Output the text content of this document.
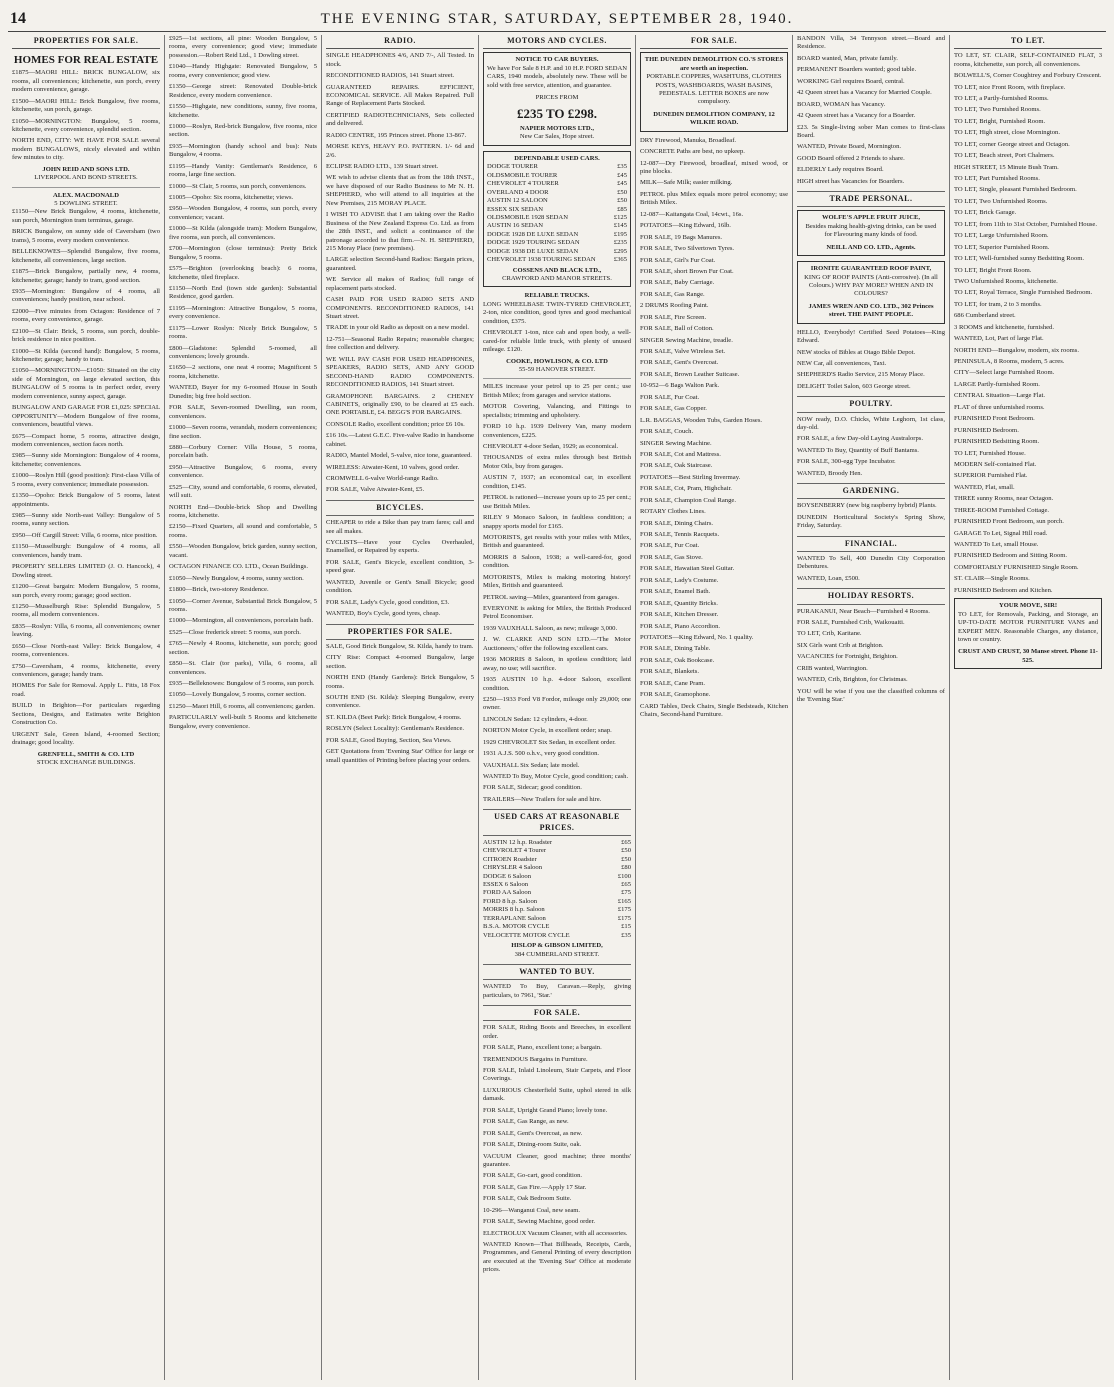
14	THE EVENING STAR, SATURDAY, SEPTEMBER 28, 1940.
PROPERTIES FOR SALE.
HOMES FOR REAL ESTATE
£1875—MAORI HILL: BRICK BUNGALOW, six rooms, all conveniences; kitchenette, sun porch, every modern convenience, garage.
£1500—MAORI HILL: Brick Bungalow, five rooms, kitchenette, sun porch, garage.
£1050—MORNINGTON: Bungalow, 5 rooms, kitchenette, every convenience, splendid section.
NORTH END, CITY: WE HAVE FOR SALE several modern BUNGALOWS, nicely elevated and within few minutes to city.
JOHN REID AND SONS LTD.
LIVERPOOL AND BOND STREETS.
ALEX. MACDONALD
5 DOWLING STREET.
£1150—New Brick Bungalow, 4 rooms, kitchenette, sun porch, Mornington tram terminus, garage.
BRICK Bungalow, on sunny side of Caversham (two trams), 5 rooms, every modern convenience.
BELLEKNOWES—Splendid Bungalow, five rooms, kitchenette, all conveniences, large section.
£1875—Brick Bungalow, partially new, 4 rooms, kitchenette; garage; handy to tram, good section.
£935—Mornington: Bungalow of 4 rooms, all conveniences; handy position, near school.
£2000—Five minutes from Octagon: Residence of 7 rooms, every convenience, garage.
£2100—St Clair: Brick, 5 rooms, sun porch, double-brick residence in nice position.
£1000—St Kilda (second hand): Bungalow, 5 rooms, kitchenette; garage; handy to tram.
£1050—MORNINGTON—£1050: Situated on the city side of Mornington, on large elevated section, this BUNGALOW of 5 rooms is in perfect order, every modern convenience, sunny aspect, garage.
BUNGALOW AND GARAGE FOR £1,025: SPECIAL OPPORTUNITY—Modern Bungalow of five rooms, conveniences, beautiful views.
£675—Compact home, 5 rooms, attractive design, modern conveniences, section faces north.
£985—Sunny side Mornington: Bungalow of 4 rooms, kitchenette; conveniences.
£1000—Roslyn Hill (good position): First-class Villa of 5 rooms, every convenience; immediate possession.
£1350—Opoho: Brick Bungalow of 5 rooms, latest appointments.
£985—Sunny side North-east Valley: Bungalow of 5 rooms, sunny section.
£950—Off Cargill Street: Villa, 6 rooms, nice position.
£1150—Musselburgh: Bungalow of 4 rooms, all conveniences, handy tram.
PROPERTY SELLERS LIMITED (J. O. Hancock), 4 Dowling street.
£1200—Great bargain: Modern Bungalow, 5 rooms, sun porch, every room; garage; good section.
£1250—Musselburgh Rise: Splendid Bungalow, 5 rooms, all modern conveniences.
£835—Roslyn: Villa, 6 rooms, all conveniences; owner leaving.
£650—Close North-east Valley: Brick Bungalow, 4 rooms, conveniences.
£750—Caversham, 4 rooms, kitchenette, every conveniences, garage; handy tram.
HOMES For Sale for Removal. Apply L. Fitts, 18 Fox road.
BUILD in Brighton—For particulars regarding Sections, Designs, and Estimates write Brighton Construction Co.
URGENT Sale, Green Island, 4-roomed Section; drainage; good locality.
GRENFELL, SMITH & CO. LTD
STOCK EXCHANGE BUILDINGS.
£925—1st sections, all pine: Wooden Bungalow, 5 rooms, every convenience; good view; immediate possession.—Robert Reid Ltd., 1 Dowling street.
£1040—Handy Highgate: Renovated Bungalow, 5 rooms, every convenience; good view.
£1350—George street: Renovated Double-brick Residence, every modern convenience.
£1550—Highgate, new conditions, sunny, five rooms, kitchenette.
£1000—Roslyn, Red-brick Bungalow, five rooms, nice section.
£935—Mornington (handy school and bus): Nuts Bungalow, 4 rooms.
£1195—Handy Vanity: Gentleman's Residence, 6 rooms, large fine section.
£1000—St Clair, 5 rooms, sun porch, conveniences.
£1005—Opoho: Six rooms, kitchenette; views.
£950—Wooden Bungalow, 4 rooms, sun porch, every convenience; vacant.
£1000—St Kilda (alongside tram): Modern Bungalow, five rooms, sun porch, all conveniences.
£700—Mornington (close terminus): Pretty Brick Bungalow, 5 rooms.
£575—Brighton (overlooking beach): 6 rooms, kitchenette, tiled fireplace.
£1150—North End (town side garden): Substantial Residence, good garden.
£1195—Mornington: Attractive Bungalow, 5 rooms, every convenience.
£1175—Lower Roslyn: Nicely Brick Bungalow, 5 rooms.
£800—Gladstone: Splendid 5-roomed, all conveniences; lovely grounds.
£1650—2 sections, one neat 4 rooms; Magnificent 5 rooms, kitchenette.
WANTED, Buyer for my 6-roomed House in South Dunedin; big free hold section.
FOR SALE, Seven-roomed Dwelling, sun room, conveniences.
£1000—Seven rooms, verandah, modern conveniences; fine section.
£880—Corbury Corner: Villa House, 5 rooms, porcelain bath.
£950—Attractive Bungalow, 6 rooms, every convenience.
£525—City, sound and comfortable, 6 rooms, elevated, will suit.
NORTH End—Double-brick Shop and Dwelling rooms, kitchenette.
£2150—Fixed Quarters, all sound and comfortable, 5 rooms.
£550—Wooden Bungalow, brick garden, sunny section, vacant.
OCTAGON FINANCE CO. LTD., Ocean Buildings.
£1050—Newly Bungalow, 4 rooms, sunny section.
£1800—Brick, two-storey Residence.
£1050—Corner Avenue, Substantial Brick Bungalow, 5 rooms.
£1000—Mornington, all conveniences, porcelain bath.
£525—Close frederick street: 5 rooms, sun porch.
£765—Newly 4 Rooms, kitchenette, sun porch; good section.
£850—St. Clair (tor parks), Villa, 6 rooms, all conveniences.
£935—Belleknowes: Bungalow of 5 rooms, sun porch.
£1050—Lovely Bungalow, 5 rooms, corner section.
£1250—Maori Hill, 6 rooms, all conveniences; garden.
PARTICULARLY well-built 5 Rooms and kitchenette Bungalow, every convenience.
RADIO.
SINGLE HEADPHONES 4/6, AND 7/-, All Tested. In stock.
RECONDITIONED RADIOS, 141 Stuart street.
GUARANTEED REPAIRS. EFFICIENT, ECONOMICAL SERVICE. All Makes Repaired. Full Range of Replacement Parts Stocked.
CERTIFIED RADIOTECHNICIANS, Sets collected and delivered.
RADIO CENTRE, 195 Princes street. Phone 13-867.
MORSE KEYS, HEAVY P.O. PATTERN. 1/- 6d and 2/6.
ECLIPSE RADIO LTD., 139 Stuart street.
WE wish to advise clients that as from the 18th INST., we have disposed of our Radio Business to Mr N. H. SHEPHERD, who will attend to all inquiries at the New Premises, 215 MORAY PLACE.
I WISH TO ADVISE that I am taking over the Radio Business of the New Zealand Express Co. Ltd. as from the 28th INST., and solicit a continuance of the patronage accorded to that firm.—N. H. SHEPHERD, 215 Moray Place (new premises).
LARGE selection Second-hand Radios: Bargain prices, guaranteed.
WE Service all makes of Radios; full range of replacement parts stocked.
CASH PAID FOR USED RADIO SETS AND COMPONENTS. RECONDITIONED RADIOS, 141 Stuart street.
TRADE in your old Radio as deposit on a new model.
12-751—Seasonal Radio Repairs; reasonable charges; free collection and delivery.
WE WILL PAY CASH FOR USED HEADPHONES, SPEAKERS, RADIO SETS, AND ANY GOOD SECOND-HAND RADIO COMPONENTS. RECONDITIONED RADIOS, 141 Stuart street.
GRAMOPHONE BARGAINS. 2 CHENEY CABINETS, originally £90, to be cleared at £5 each. ONE PORTABLE, £4. BEGG'S FOR BARGAINS.
CONSOLE Radio, excellent condition; price £6 10s.
£16 10s.—Latest G.E.C. Five-valve Radio in handsome cabinet.
RADIO, Mantel Model, 5-valve, nice tone, guaranteed.
WIRELESS: Atwater-Kent, 10 valves, good order.
CROMWELL 6-valve World-range Radio.
FOR SALE, Valve Atwater-Kent, £5.
BICYCLES.
CHEAPER to ride a Bike than pay tram fares; call and see all makes.
CYCLISTS—Have your Cycles Overhauled, Enamelled, or Repaired by experts.
FOR SALE, Gent's Bicycle, excellent condition, 3-speed gear.
WANTED, Juvenile or Gent's Small Bicycle; good condition.
FOR SALE, Lady's Cycle, good condition, £3.
WANTED, Boy's Cycle, good tyres, cheap.
PROPERTIES FOR SALE.
SALE, Good Brick Bungalow, St. Kilda, handy to tram.
CITY Rise: Compact 4-roomed Bungalow, large section.
NORTH END (Handy Gardens): Brick Bungalow, 5 rooms.
SOUTH END (St. Kilda): Sleeping Bungalow, every convenience.
ST. KILDA (Beet Park): Brick Bungalow, 4 rooms.
ROSLYN (Select Locality): Gentleman's Residence.
FOR SALE, Good Buying, Section, Sea Views.
GET Quotations from 'Evening Star' Office for large or small quantities of Printing before placing your orders.
MOTORS AND CYCLES.
NOTICE TO CAR BUYERS.
We have For Sale 8 H.P. and 10 H.P. FORD SEDAN CARS, 1940 models, absolutely new. These will be sold with free service, attention, and guarantee.
PRICES FROM
£235 TO £298.
NAPIER MOTORS LTD.,
New Car Sales, Hope street.
DEPENDABLE USED CARS.
DODGE TOURER	£35
OLDSMOBILE TOURER	£45
CHEVROLET 4 TOURER	£45
OVERLAND 4 DOOR	£50
AUSTIN 12 SALOON	£50
ESSEX SIX SEDAN	£85
OLDSMOBILE 1928 SEDAN	£125
AUSTIN 16 SEDAN	£145
DODGE 1928 DE LUXE SEDAN	£195
DODGE 1929 TOURING SEDAN	£235
DODGE 1938 DE LUXE SEDAN	£295
CHEVROLET 1938 TOURING SEDAN	£365
COSSENS AND BLACK LTD.,
CRAWFORD AND MANOR STREETS.
RELIABLE TRUCKS.
LONG WHEELBASE TWIN-TYRED CHEVROLET, 2-ton, nice condition, good tyres and good mechanical condition, £375.
CHEVROLET 1-ton, nice cab and open body, a well-cared-for reliable little truck, with plenty of unused mileage. £120.
COOKE, HOWLISON, & CO. LTD
55-59 HANOVER STREET.
MILES increase your petrol up to 25 per cent.; use British Milex; from garages and service stations.
MOTOR Covering, Valancing, and Fittings to specialists; trimming and upholstery.
FORD 10 h.p. 1939 Delivery Van, many modern conveniences, £225.
CHEVROLET 4-door Sedan, 1929; as economical.
THOUSANDS of extra miles through best British Motor Oils, buy from garages.
AUSTIN 7, 1937; an economical car, in excellent condition, £145.
PETROL is rationed—increase yours up to 25 per cent.; use British Milex.
RILEY 9 Monaco Saloon, in faultless condition; a snappy sports model for £165.
MOTORISTS, get results with your miles with Milex, British and guaranteed.
MORRIS 8 Saloon, 1938; a well-cared-for, good condition.
MOTORISTS, Milex is making motoring history! Milex, British and guaranteed.
PETROL saving—Milex, guaranteed from garages.
EVERYONE is asking for Milex, the British Produced Petrol Economiser.
1939 VAUXHALL Saloon, as new; mileage 3,000.
J. W. CLARKE AND SON LTD.—'The Motor Auctioneers,' offer the following excellent cars.
1936 MORRIS 8 Saloon, in spotless condition; laid away, no use; will sacrifice.
1935 AUSTIN 10 h.p. 4-door Saloon, excellent condition.
£250—1933 Ford V8 Fordor, mileage only 29,000; one owner.
LINCOLN Sedan: 12 cylinders, 4-door.
NORTON Motor Cycle, in excellent order; snap.
1929 CHEVROLET Six Sedan, in excellent order.
1931 A.J.S. 500 o.h.v., very good condition.
VAUXHALL Six Sedan; late model.
WANTED To Buy, Motor Cycle, good condition; cash.
FOR SALE, Sidecar; good condition.
TRAILERS—New Trailers for sale and hire.
USED CARS AT REASONABLE PRICES.
AUSTIN 12 h.p. Roadster	£65
CHEVROLET 4 Tourer	£50
CITROEN Roadster	£50
CHRYSLER 4 Saloon	£80
DODGE 6 Saloon	£100
ESSEX 6 Saloon	£65
FORD AA Saloon	£75
FORD 8 h.p. Saloon	£165
MORRIS 8 h.p. Saloon	£175
TERRAPLANE Saloon	£175
B.S.A. MOTOR CYCLE	£15
VELOCETTE MOTOR CYCLE	£35
HISLOP & GIBSON LIMITED,
384 CUMBERLAND STREET.
WANTED TO BUY.
WANTED To Buy, Caravan.—Reply, giving particulars, to 7961, 'Star.'
FOR SALE.
FOR SALE, Riding Boots and Breeches, in excellent order.
FOR SALE, Piano, excellent tone; a bargain.
TREMENDOUS Bargains in Furniture.
FOR SALE, Inlaid Linoleum, Stair Carpets, and Floor Coverings.
LUXURIOUS Chesterfield Suite, uphol stered in silk damask.
FOR SALE, Upright Grand Piano; lovely tone.
FOR SALE, Gas Range, as new.
FOR SALE, Gent's Overcoat, as new.
FOR SALE, Dining-room Suite, oak.
VACUUM Cleaner, good machine; three months' guarantee.
FOR SALE, Go-cart, good condition.
FOR SALE, Gas Fire.—Apply 17 Star.
FOR SALE, Oak Bedroom Suite.
10-296—Wanganui Coal, new seam.
FOR SALE, Sewing Machine, good order.
ELECTROLUX Vacuum Cleaner, with all accessories.
WANTED Known—That Billheads, Receipts, Cards, Programmes, and General Printing of every description are executed at the 'Evening Star' Office at moderate prices.
FOR SALE.
THE DUNEDIN DEMOLITION CO.'S STORES are worth an inspection.
PORTABLE COPPERS, WASHTUBS, CLOTHES POSTS, WASHBOARDS, WASH BASINS, PEDESTALS. LETTER BOXES are now compulsory.
DUNEDIN DEMOLITION COMPANY, 12 WILKIE ROAD.
DRY Firewood, Manuka, Broadleaf.
CONCRETE Paths are best, no upkeep.
12-087—Dry Firewood, broadleaf, mixed wood, or pine blocks.
MILK—Safe Milk; easier milking.
PETROL plus Milex equals more petrol economy; use British Milex.
12-087—Kaitangata Coal, 14cwt., 16s.
POTATOES—King Edward, 16lb.
FOR SALE, 19 Bags Manures.
FOR SALE, Two Silvertown Tyres.
FOR SALE, Girl's Fur Coat.
FOR SALE, short Brown Fur Coat.
FOR SALE, Baby Carriage.
FOR SALE, Gas Range.
2 DRUMS Roofing Paint.
FOR SALE, Fire Screen.
FOR SALE, Ball of Cotton.
SINGER Sewing Machine, treadle.
FOR SALE, Valve Wireless Set.
FOR SALE, Gent's Overcoat.
FOR SALE, Brown Leather Suitcase.
10-952—6 Bags Walton Park.
FOR SALE, Fur Coat.
FOR SALE, Gas Copper.
L.R. BAGGAS, Wooden Tubs, Garden Hoses.
FOR SALE, Couch.
SINGER Sewing Machine.
FOR SALE, Cot and Mattress.
FOR SALE, Oak Staircase.
POTATOES—Best Stirling Invermay.
FOR SALE, Cot, Pram, Highchair.
FOR SALE, Champion Coal Range.
ROTARY Clothes Lines.
FOR SALE, Dining Chairs.
FOR SALE, Tennis Racquets.
FOR SALE, Fur Coat.
FOR SALE, Gas Stove.
FOR SALE, Hawaiian Steel Guitar.
FOR SALE, Lady's Costume.
FOR SALE, Enamel Bath.
FOR SALE, Quantity Bricks.
FOR SALE, Kitchen Dresser.
FOR SALE, Piano Accordion.
POTATOES—King Edward, No. 1 quality.
FOR SALE, Dining Table.
FOR SALE, Oak Bookcase.
FOR SALE, Blankets.
FOR SALE, Cane Pram.
FOR SALE, Gramophone.
CARD Tables, Deck Chairs, Single Bedsteads, Kitchen Chairs, Second-hand Furniture.
BANDON Villa, 34 Tennyson street.—Board and Residence.
BOARD wanted, Man, private family.
PERMANENT Boarders wanted; good table.
WORKING Girl requires Board, central.
42 Queen street has a Vacancy for Married Couple.
BOARD, WOMAN has Vacancy.
42 Queen street has a Vacancy for a Boarder.
£23. 5s Single-living sober Man comes to first-class Board.
WANTED, Private Board, Mornington.
GOOD Board offered 2 Friends to share.
ELDERLY Lady requires Board.
HIGH street has Vacancies for Boarders.
TRADE PERSONAL.
WOLFE'S APPLE FRUIT JUICE,
Besides making health-giving drinks, can be used for Flavouring many kinds of food.
NEILL AND CO. LTD., Agents.
IRONITE GUARANTEED ROOF PAINT,
KING OF ROOF PAINTS (Anti-corrosive). (In all Colours.) WHY PAY MORE? WHEN AND IN COLOURS?
JAMES WREN AND CO. LTD., 302 Princes street. THE PAINT PEOPLE.
HELLO, Everybody! Certified Seed Potatoes—King Edward.
NEW stocks of Bibles at Otago Bible Depot.
NEW Car, all conveniences, Taxi.
SHEPHERD'S Radio Service, 215 Moray Place.
DELIGHT Toilet Salon, 603 George street.
POULTRY.
NOW ready, D.O. Chicks, White Leghorn, 1st class, day-old.
FOR SALE, a few Day-old Laying Australorps.
WANTED To Buy, Quantity of Buff Bantams.
FOR SALE, 300-egg Type Incubator.
WANTED, Broody Hen.
GARDENING.
BOYSENBERRY (new big raspberry hybrid) Plants.
DUNEDIN Horticultural Society's Spring Show, Friday, Saturday.
FINANCIAL.
WANTED To Sell, 400 Dunedin City Corporation Debentures.
WANTED, Loan, £500.
HOLIDAY RESORTS.
PURAKANUI, Near Beach—Furnished 4 Rooms.
FOR SALE, Furnished Crib, Waikouaiti.
TO LET, Crib, Karitane.
SIX Girls want Crib at Brighton.
VACANCIES for Fortnight, Brighton.
CRIB wanted, Warrington.
WANTED, Crib, Brighton, for Christmas.
YOU will be wise if you use the classified columns of the 'Evening Star.'
TO LET.
TO LET, ST. CLAIR, SELF-CONTAINED FLAT, 3 rooms, kitchenette, sun porch, all conveniences.
BOLWELL'S, Corner Coughtrey and Forbury Crescent.
TO LET, nice Front Room, with fireplace.
TO LET, a Partly-furnished Rooms.
TO LET, Two Furnished Rooms.
TO LET, Bright, Furnished Room.
TO LET, High street, close Mornington.
TO LET, corner George street and Octagon.
TO LET, Beach street, Port Chalmers.
HIGH STREET, 15 Minute Bush Tram.
TO LET, Part Furnished Rooms.
TO LET, Single, pleasant Furnished Bedroom.
TO LET, Two Unfurnished Rooms.
TO LET, Brick Garage.
TO LET, from 11th to 31st October, Furnished House.
TO LET, Large Unfurnished Room.
TO LET, Superior Furnished Room.
TO LET, Well-furnished sunny Bedsitting Room.
TO LET, Bright Front Room.
TWO Unfurnished Rooms, kitchenette.
TO LET, Royal Terrace, Single Furnished Bedroom.
TO LET, for tram, 2 to 3 months.
686 Cumberland street.
3 ROOMS and kitchenette, furnished.
WANTED, Lot, Part of large Flat.
NORTH END—Bungalow, modern, six rooms.
PENINSULA, 8 Rooms, modern, 5 acres.
CITY—Select large Furnished Room.
LARGE Partly-furnished Room.
CENTRAL Situation—Large Flat.
FLAT of three unfurnished rooms.
FURNISHED Front Bedroom.
FURNISHED Bedroom.
FURNISHED Bedsitting Room.
TO LET, Furnished House.
MODERN Self-contained Flat.
SUPERIOR Furnished Flat.
WANTED, Flat, small.
THREE sunny Rooms, near Octagon.
THREE-ROOM Furnished Cottage.
FURNISHED Front Bedroom, sun porch.
GARAGE To Let, Signal Hill road.
WANTED To Let, small House.
FURNISHED Bedroom and Sitting Room.
COMFORTABLY FURNISHED Single Room.
ST. CLAIR—Single Rooms.
FURNISHED Bedroom and Kitchen.
YOUR MOVE, SIR!
TO LET, for Removals, Packing, and Storage, an UP-TO-DATE MOTOR FURNITURE VANS and EXPERT MEN. Reasonable Charges, any distance, town or country.
CRUST AND CRUST, 30 Manse street. Phone 11-525.
